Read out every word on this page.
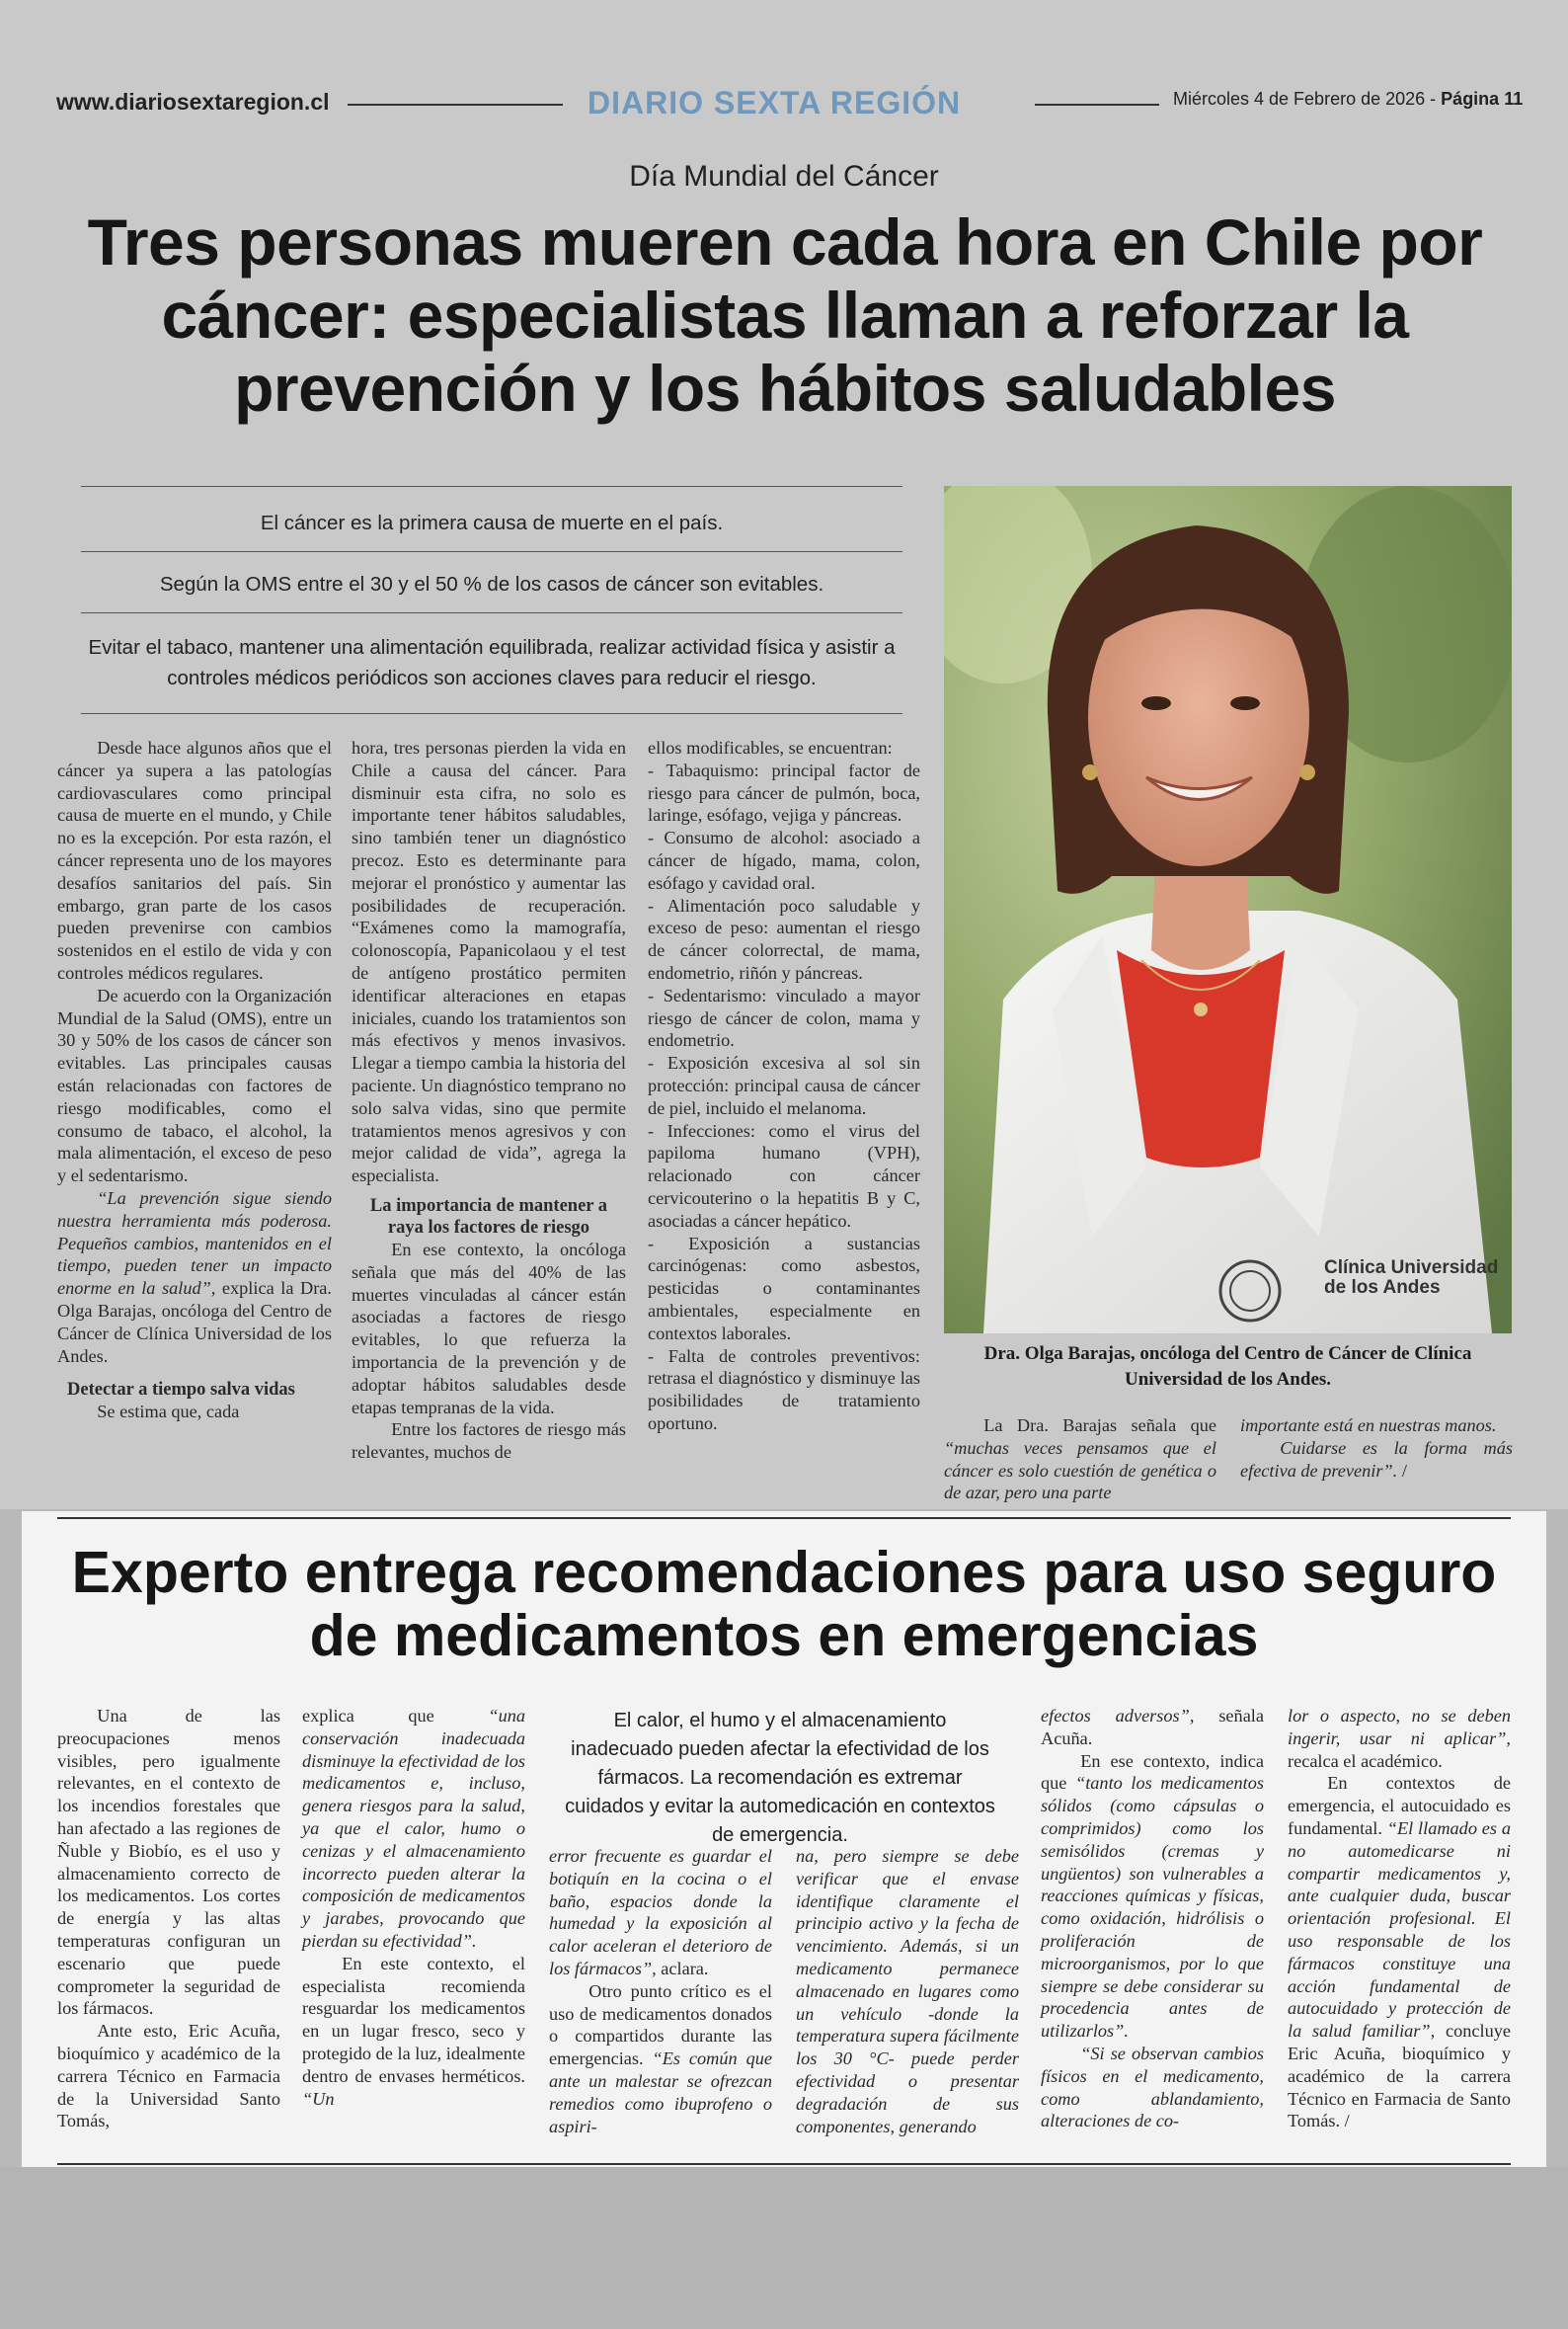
www.diariosextaregion.cl	DIARIO SEXTA REGIÓN	Miércoles 4 de Febrero de 2026 - Página 11
Día Mundial del Cáncer
Tres personas mueren cada hora en Chile por cáncer: especialistas llaman a reforzar la prevención y los hábitos saludables
El cáncer es la primera causa de muerte en el país.
Según la OMS entre el 30 y el 50 % de los casos de cáncer son evitables.
Evitar el tabaco, mantener una alimentación equilibrada, realizar actividad física y asistir a controles médicos periódicos son acciones claves para reducir el riesgo.
Clínica Universidad de los Andes
Dra. Olga Barajas, oncóloga del Centro de Cáncer de Clínica Universidad de los Andes.

Desde hace algunos años que el cáncer ya supera a las patologías cardiovasculares como principal causa de muerte en el mundo, y Chile no es la excepción. Por esta razón, el cáncer representa uno de los mayores desafíos sanitarios del país. Sin embargo, gran parte de los casos pueden prevenirse con cambios sostenidos en el estilo de vida y con controles médicos regulares.

De acuerdo con la Organización Mundial de la Salud (OMS), entre un 30 y 50% de los casos de cáncer son evitables. Las principales causas están relacionadas con factores de riesgo modificables, como el consumo de tabaco, el alcohol, la mala alimentación, el exceso de peso y el sedentarismo.

“La prevención sigue siendo nuestra herramienta más poderosa. Pequeños cambios, mantenidos en el tiempo, pueden tener un impacto enorme en la salud”, explica la Dra. Olga Barajas, oncóloga del Centro de Cáncer de Clínica Universidad de los Andes.

Detectar a tiempo salva vidas

Se estima que, cada

hora, tres personas pierden la vida en Chile a causa del cáncer. Para disminuir esta cifra, no solo es importante tener hábitos saludables, sino también tener un diagnóstico precoz. Esto es determinante para mejorar el pronóstico y aumentar las posibilidades de recuperación. “Exámenes como la mamografía, colonoscopía, Papanicolaou y el test de antígeno prostático permiten identificar alteraciones en etapas iniciales, cuando los tratamientos son más efectivos y menos invasivos. Llegar a tiempo cambia la historia del paciente. Un diagnóstico temprano no solo salva vidas, sino que permite tratamientos menos agresivos y con mejor calidad de vida”, agrega la especialista.

La importancia de mantener a raya los factores de riesgo

En ese contexto, la oncóloga señala que más del 40% de las muertes vinculadas al cáncer están asociadas a factores de riesgo evitables, lo que refuerza la importancia de la prevención y de adoptar hábitos saludables desde etapas tempranas de la vida.

Entre los factores de riesgo más relevantes, muchos de

ellos modificables, se encuentran:

- Tabaquismo: principal factor de riesgo para cáncer de pulmón, boca, laringe, esófago, vejiga y páncreas.

- Consumo de alcohol: asociado a cáncer de hígado, mama, colon, esófago y cavidad oral.

- Alimentación poco saludable y exceso de peso: aumentan el riesgo de cáncer colorrectal, de mama, endometrio, riñón y páncreas.

- Sedentarismo: vinculado a mayor riesgo de cáncer de colon, mama y endometrio.

- Exposición excesiva al sol sin protección: principal causa de cáncer de piel, incluido el melanoma.

- Infecciones: como el virus del papiloma humano (VPH), relacionado con cáncer cervicouterino o la hepatitis B y C, asociadas a cáncer hepático.

- Exposición a sustancias carcinógenas: como asbestos, pesticidas o contaminantes ambientales, especialmente en contextos laborales.

- Falta de controles preventivos: retrasa el diagnóstico y disminuye las posibilidades de tratamiento oportuno.	La Dra. Barajas señala que “muchas veces pensamos que el cáncer es solo cuestión de genética o de azar, pero una parte

importante está en nuestras manos.

Cuidarse es la forma más efectiva de prevenir”. /

Experto entrega recomendaciones para uso seguro de medicamentos en emergencias
El calor, el humo y el almacenamiento inadecuado pueden afectar la efectividad de los fármacos. La recomendación es extremar cuidados y evitar la automedicación en contextos de emergencia.

Una de las preocupaciones menos visibles, pero igualmente relevantes, en el contexto de los incendios forestales que han afectado a las regiones de Ñuble y Biobío, es el uso y almacenamiento correcto de los medicamentos. Los cortes de energía y las altas temperaturas configuran un escenario que puede comprometer la seguridad de los fármacos.

Ante esto, Eric Acuña, bioquímico y académico de la carrera Técnico en Farmacia de la Universidad Santo Tomás,

explica que “una conservación inadecuada disminuye la efectividad de los medicamentos e, incluso, genera riesgos para la salud, ya que el calor, humo o cenizas y el almacenamiento incorrecto pueden alterar la composición de medicamentos y jarabes, provocando que pierdan su efectividad”.

En este contexto, el especialista recomienda resguardar los medicamentos en un lugar fresco, seco y protegido de la luz, idealmente dentro de envases herméticos. “Un

error frecuente es guardar el botiquín en la cocina o el baño, espacios donde la humedad y la exposición al calor aceleran el deterioro de los fármacos”, aclara.

Otro punto crítico es el uso de medicamentos donados o compartidos durante las emergencias. “Es común que ante un malestar se ofrezcan remedios como ibuprofeno o aspiri-

na, pero siempre se debe verificar que el envase identifique claramente el principio activo y la fecha de vencimiento. Además, si un medicamento permanece almacenado en lugares como un vehículo -donde la temperatura supera fácilmente los 30 °C- puede perder efectividad o presentar degradación de sus componentes, generando

efectos adversos”, señala Acuña.

En ese contexto, indica que “tanto los medicamentos sólidos (como cápsulas o comprimidos) como los semisólidos (cremas y ungüentos) son vulnerables a reacciones químicas y físicas, como oxidación, hidrólisis o proliferación de microorganismos, por lo que siempre se debe considerar su procedencia antes de utilizarlos”.

“Si se observan cambios físicos en el medicamento, como ablandamiento, alteraciones de co-

lor o aspecto, no se deben ingerir, usar ni aplicar”, recalca el académico.

En contextos de emergencia, el autocuidado es fundamental. “El llamado es a no automedicarse ni compartir medicamentos y, ante cualquier duda, buscar orientación profesional. El uso responsable de los fármacos constituye una acción fundamental de autocuidado y protección de la salud familiar”, concluye Eric Acuña, bioquímico y académico de la carrera Técnico en Farmacia de Santo Tomás. /
